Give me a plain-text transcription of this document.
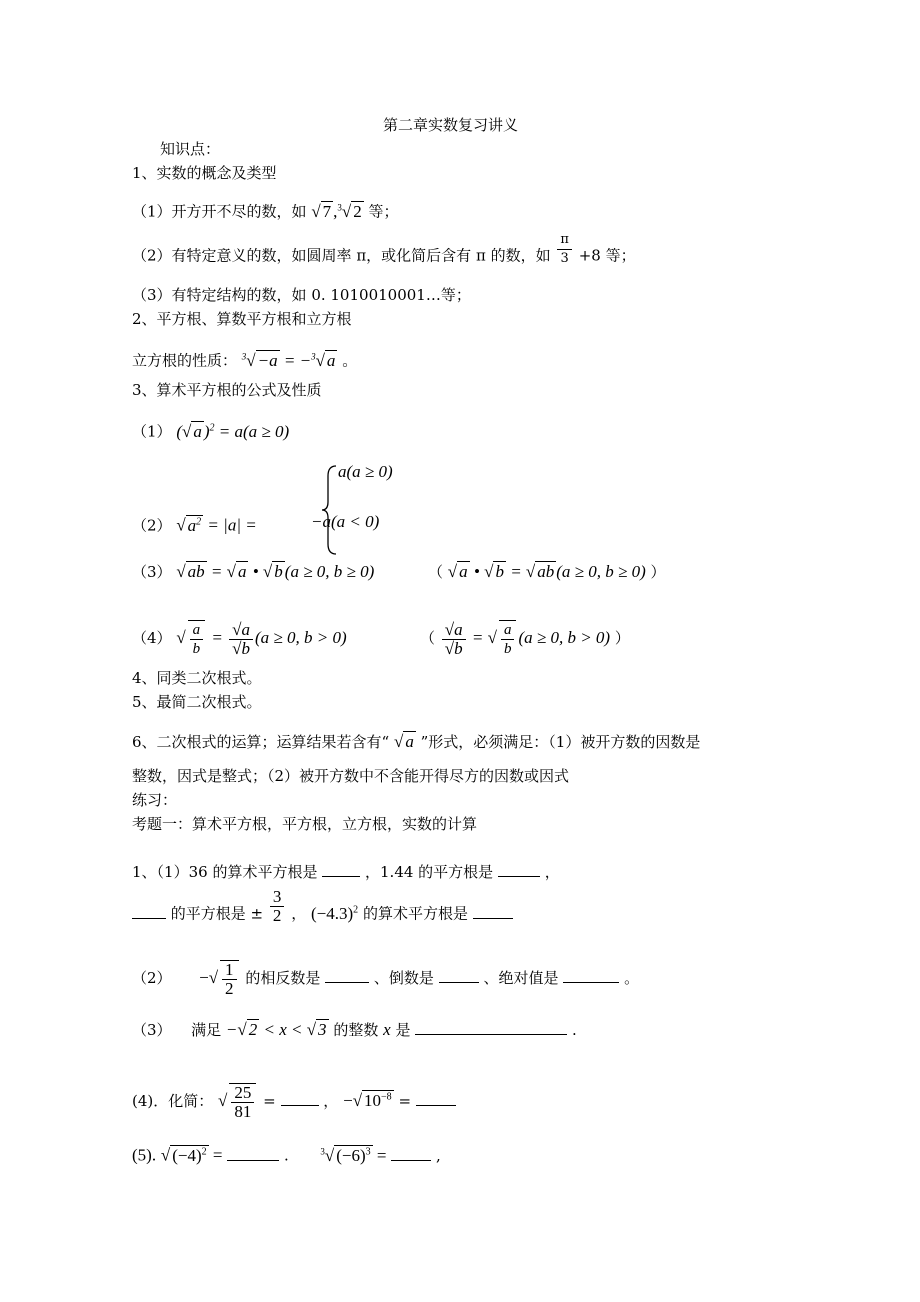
第二章实数复习讲义
知识点：
1、实数的概念及类型
（1）开方开不尽的数，如 √ 7 ,$^3$√ 2 等；
（2）有特定意义的数，如圆周率 π，或化简后含有 π 的数，如 $\frac{\pi}{3} +8$ 等；
（3）有特定结构的数，如 0. 1010010001…等；
2、平方根、算数平方根和立方根
立方根的性质： $^3$√ −a = −$^3$√ a 。
3、算术平方根的公式及性质
（1） (√ a )$^2$ = a(a ≥ 0)
（2） √ $a^2 = |a|$ =
a(a ≥ 0)
−a(a < 0)
（3） √ ab = √ a • √ b (a ≥ 0, b ≥ 0)	（ √ a • √ b = √ ab (a ≥ 0, b ≥ 0) ）
（4） √ $\frac{a}{b} = \frac{√a}{√b} (a \ge 0$, b > 0)	（ $\frac{√a}{√b}$ = √ $\frac{a}{b} (a \ge 0$, b > 0) ）
4、同类二次根式。
5、最简二次根式。
6、二次根式的运算；运算结果若含有“ √ a ”形式，必须满足：（1）被开方数的因数是
整数，因式是整式；（2）被开方数中不含能开得尽方的因数或因式
练习：
考题一：算术平方根，平方根，立方根，实数的计算
1、（1）36 的算术平方根是	，1.44 的平方根是	，
的平方根是 ± $\frac{3}{2}$ ， $(-4.3)^2$ 的算术平方根是
（2） −√ $\frac{1}{2}$ 的相反数是	、倒数是	、绝对值是	。
（3） 满足 −√ 2 < x < √ 3 的整数 x 是	.
(4)．化简： √ $\frac{25}{81}$ =	， −√ $10^{-8}$ =
(5). √ $(-4)^2$ =	.	$^3$√ $(-6)^3$ =	,
